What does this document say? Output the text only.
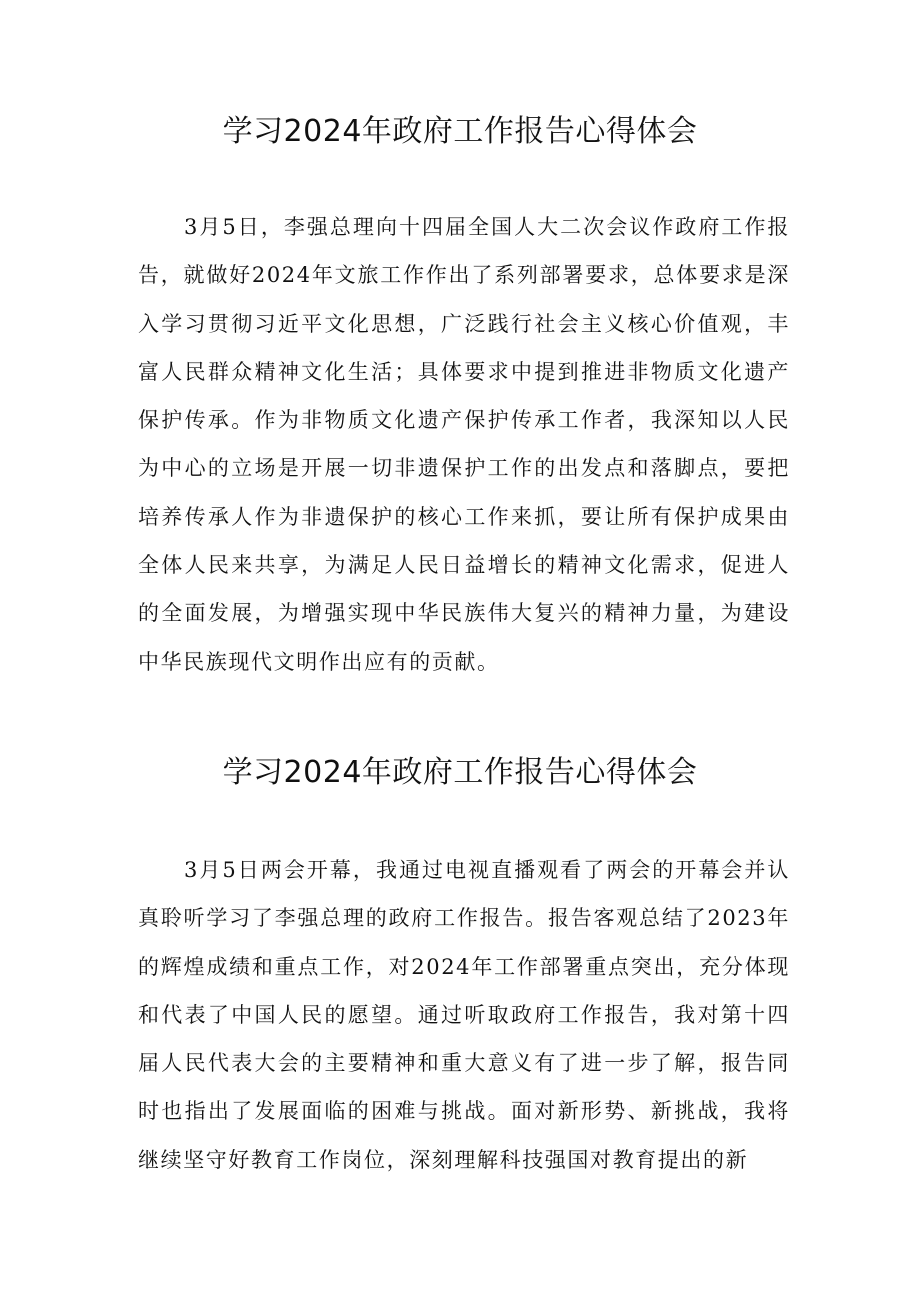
学习2024年政府工作报告心得体会

3月5日，李强总理向十四届全国人大二次会议作政府工作报告，就做好2024年文旅工作作出了系列部署要求，总体要求是深入学习贯彻习近平文化思想，广泛践行社会主义核心价值观，丰富人民群众精神文化生活；具体要求中提到推进非物质文化遗产保护传承。作为非物质文化遗产保护传承工作者，我深知以人民为中心的立场是开展一切非遗保护工作的出发点和落脚点，要把培养传承人作为非遗保护的核心工作来抓，要让所有保护成果由全体人民来共享，为满足人民日益增长的精神文化需求，促进人的全面发展，为增强实现中华民族伟大复兴的精神力量，为建设中华民族现代文明作出应有的贡献。

学习2024年政府工作报告心得体会

3月5日两会开幕，我通过电视直播观看了两会的开幕会并认真聆听学习了李强总理的政府工作报告。报告客观总结了2023年的辉煌成绩和重点工作，对2024年工作部署重点突出，充分体现和代表了中国人民的愿望。通过听取政府工作报告，我对第十四届人民代表大会的主要精神和重大意义有了进一步了解，报告同时也指出了发展面临的困难与挑战。面对新形势、新挑战，我将继续坚守好教育工作岗位，深刻理解科技强国对教育提出的新
